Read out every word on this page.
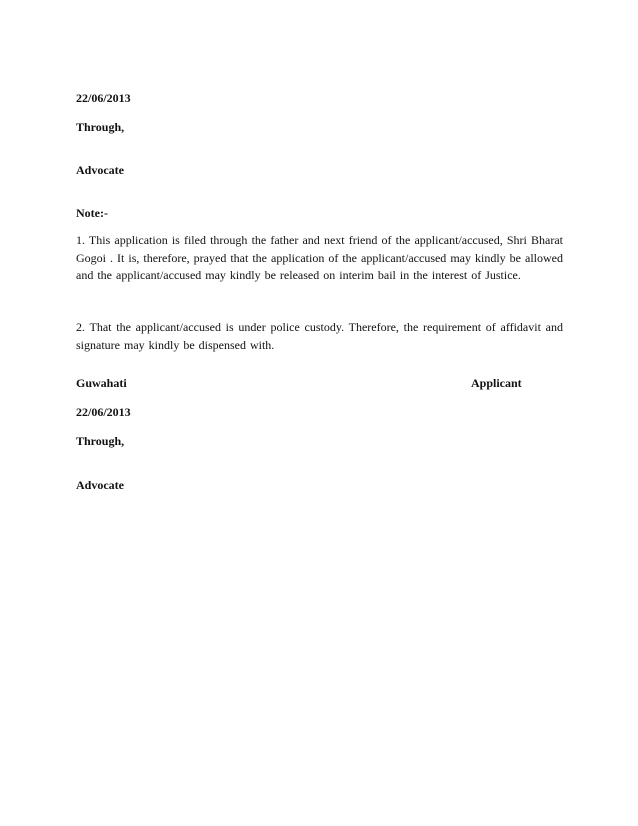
22/06/2013
Through,
Advocate
Note:-
1. This application is filed through the father and next friend of the applicant/accused, Shri Bharat Gogoi . It is, therefore, prayed that the application of the applicant/accused may kindly be allowed and the applicant/accused may kindly be released on interim bail in the interest of Justice.
2. That the applicant/accused is under police custody. Therefore, the requirement of affidavit and signature may kindly be dispensed with.
Guwahati	Applicant
22/06/2013
Through,
Advocate
